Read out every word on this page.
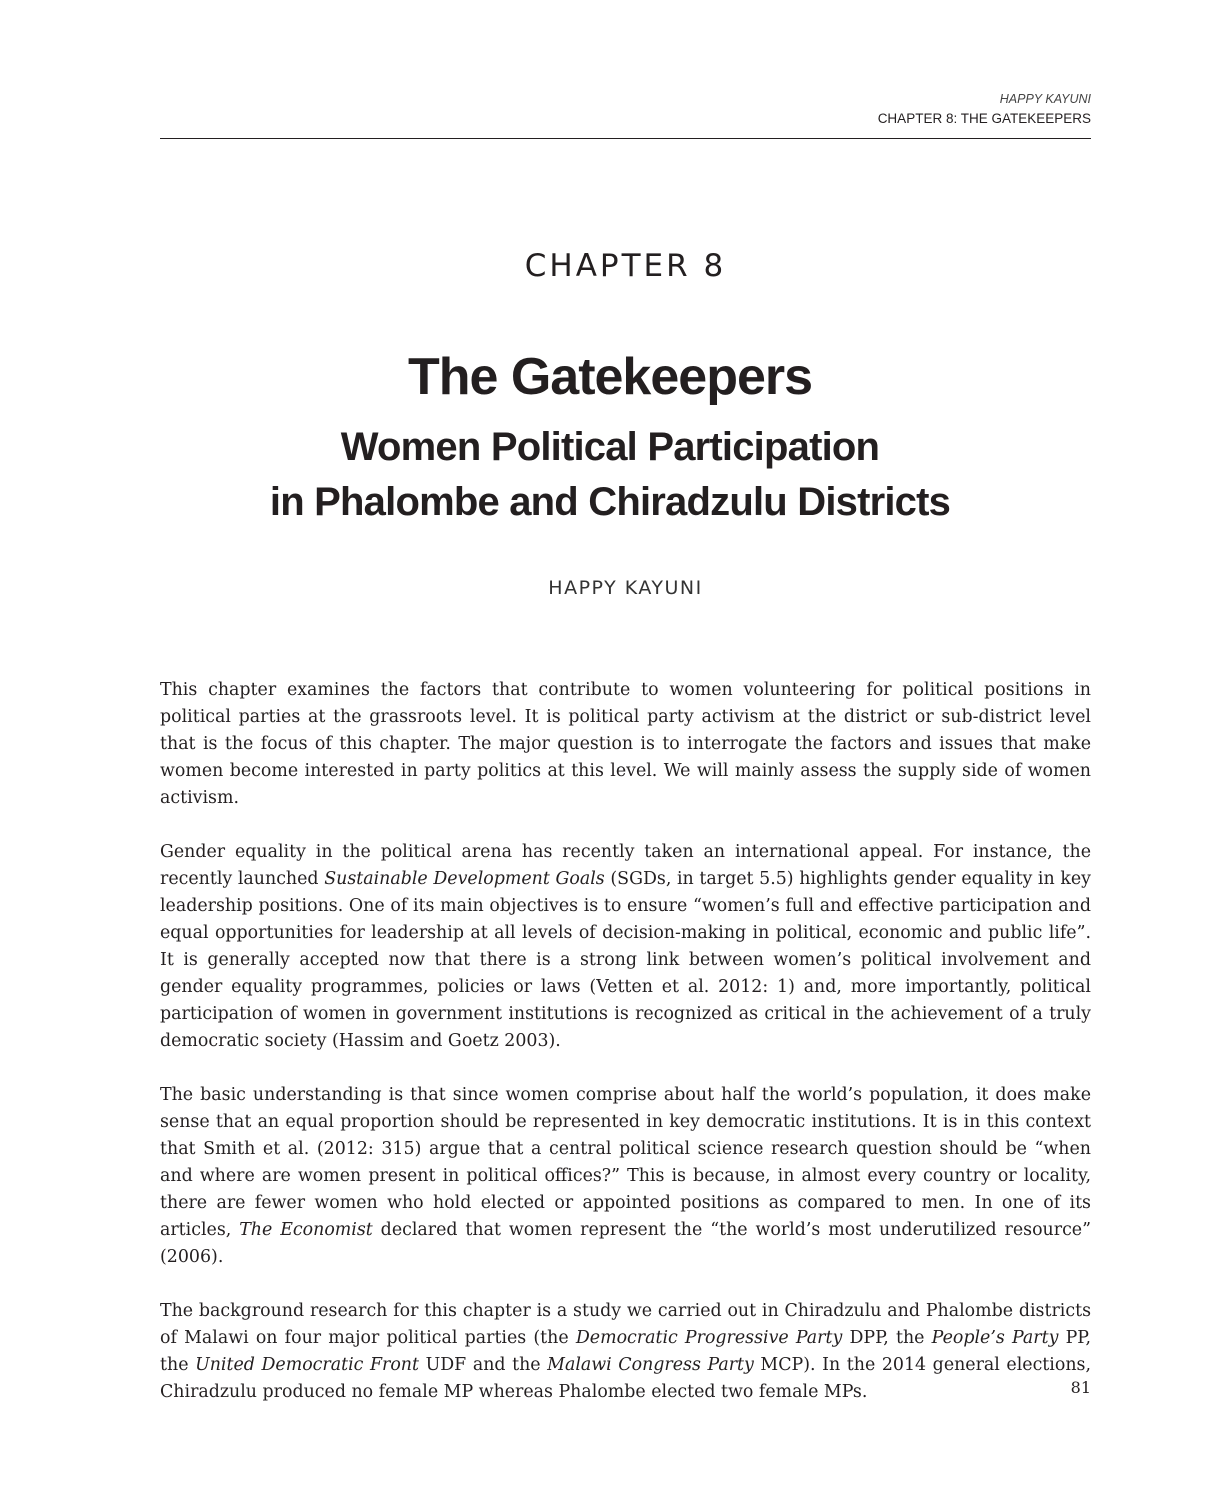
HAPPY KAYUNI
CHAPTER 8: THE GATEKEEPERS
CHAPTER 8
The Gatekeepers
Women Political Participation
in Phalombe and Chiradzulu Districts
HAPPY KAYUNI

This chapter examines the factors that contribute to women volunteering for political positions in political parties at the grassroots level. It is political party activism at the district or sub-district level that is the focus of this chapter. The major question is to interrogate the factors and issues that make women become interested in party politics at this level. We will mainly assess the supply side of women activism.

Gender equality in the political arena has recently taken an international appeal. For instance, the recently launched Sustainable Development Goals (SGDs, in target 5.5) highlights gender equality in key leadership positions. One of its main objectives is to ensure “women’s full and effective participation and equal opportunities for leadership at all levels of decision-making in political, economic and public life”. It is generally accepted now that there is a strong link between women’s political involvement and gender equality programmes, policies or laws (Vetten et al. 2012: 1) and, more importantly, political participation of women in government institutions is recognized as critical in the achievement of a truly democratic society (Hassim and Goetz 2003).

The basic understanding is that since women comprise about half the world’s population, it does make sense that an equal proportion should be represented in key democratic institutions. It is in this context that Smith et al. (2012: 315) argue that a central political science research question should be “when and where are women present in political offices?” This is because, in almost every country or locality, there are fewer women who hold elected or appointed positions as compared to men. In one of its articles, The Economist declared that women represent the “the world’s most underutilized resource” (2006).

The background research for this chapter is a study we carried out in Chiradzulu and Phalombe districts of Malawi on four major political parties (the Democratic Progressive Party DPP, the People’s Party PP, the United Democratic Front UDF and the Malawi Congress Party MCP). In the 2014 general elections, Chiradzulu produced no female MP whereas Phalombe elected two female MPs.	81
